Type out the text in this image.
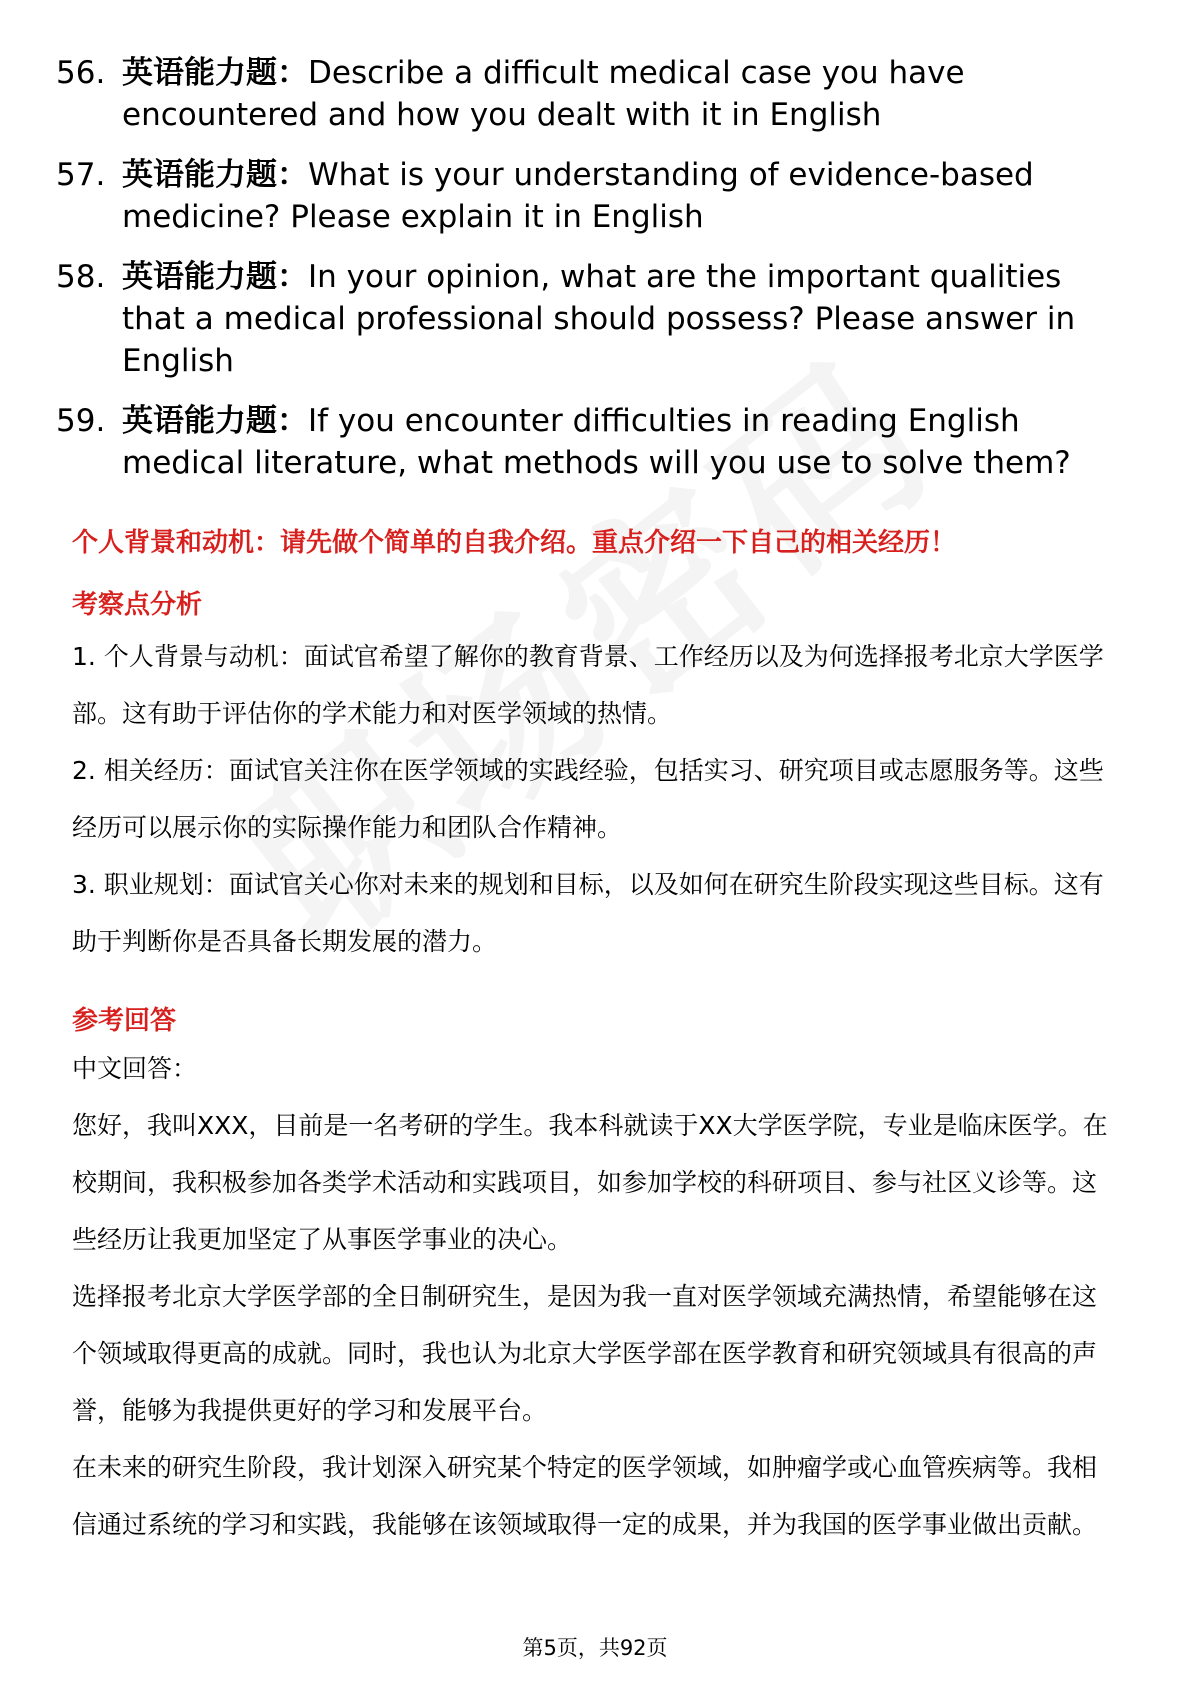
56. 英语能力题：Describe a difficult medical case you have encountered and how you dealt with it in English
57. 英语能力题：What is your understanding of evidence-based medicine? Please explain it in English
58. 英语能力题：In your opinion, what are the important qualities that a medical professional should possess? Please answer in English
59. 英语能力题：If you encounter difficulties in reading English medical literature, what methods will you use to solve them?
个人背景和动机：请先做个简单的自我介绍。重点介绍一下自己的相关经历！
考察点分析
1. 个人背景与动机：面试官希望了解你的教育背景、工作经历以及为何选择报考北京大学医学部。这有助于评估你的学术能力和对医学领域的热情。
2. 相关经历：面试官关注你在医学领域的实践经验，包括实习、研究项目或志愿服务等。这些经历可以展示你的实际操作能力和团队合作精神。
3. 职业规划：面试官关心你对未来的规划和目标，以及如何在研究生阶段实现这些目标。这有助于判断你是否具备长期发展的潜力。
参考回答
中文回答：
您好，我叫XXX，目前是一名考研的学生。我本科就读于XX大学医学院，专业是临床医学。在校期间，我积极参加各类学术活动和实践项目，如参加学校的科研项目、参与社区义诊等。这些经历让我更加坚定了从事医学事业的决心。
选择报考北京大学医学部的全日制研究生，是因为我一直对医学领域充满热情，希望能够在这个领域取得更高的成就。同时，我也认为北京大学医学部在医学教育和研究领域具有很高的声誉，能够为我提供更好的学习和发展平台。
在未来的研究生阶段，我计划深入研究某个特定的医学领域，如肿瘤学或心血管疾病等。我相信通过系统的学习和实践，我能够在该领域取得一定的成果，并为我国的医学事业做出贡献。
第5页，共92页
